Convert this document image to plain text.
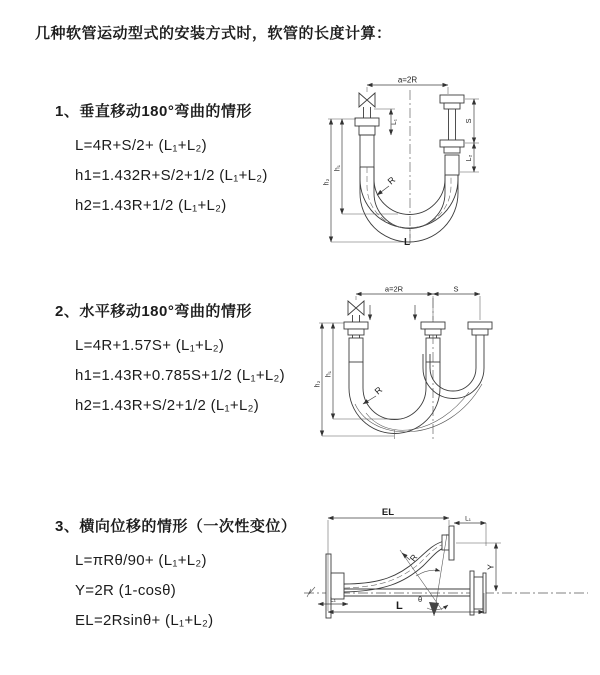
几种软管运动型式的安装方式时，软管的长度计算：
1、垂直移动180°弯曲的情形
L=4R+S/2+ (L₁+L₂)
h1=1.432R+S/2+1/2 (L₁+L₂)
h2=1.43R+1/2 (L₁+L₂)
a=2R
S
L₂
h₁
h₂
L₁
R
L
2、水平移动180°弯曲的情形
L=4R+1.57S+ (L₁+L₂)
h1=1.43R+0.785S+1/2 (L₁+L₂)
h2=1.43R+S/2+1/2 (L₁+L₂)
a=2R	S
h₁
h₂
R
3、横向位移的情形（一次性变位）
L=πRθ/90+ (L₁+L₂)
Y=2R (1-cosθ)
EL=2Rsinθ+ (L₁+L₂)
θ
R
EL
L₁
Y
L₁	L
